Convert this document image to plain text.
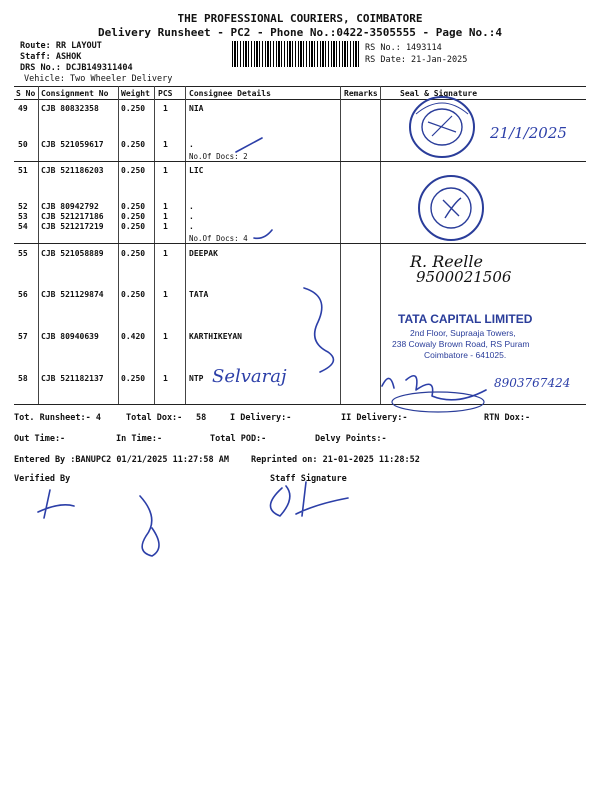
THE PROFESSIONAL COURIERS, COIMBATORE
Delivery Runsheet - PC2 - Phone No.:0422-3505555 - Page No.:4
Route: RR LAYOUT
Staff: ASHOK
DRS No.: DCJB149311404
Vehicle: Two Wheeler Delivery
RS No.: 1493114
RS Date: 21-Jan-2025
S No Consignment No Weight PCS Consignee Details	Remarks	Seal & Signature
49 CJB 80832358	0.250 1	NIA
50 CJB 521059617 0.250 1	.
No.Of Docs: 2
51 CJB 521186203 0.250 1	LIC
52 CJB 80942792	0.250 1	.
53 CJB 521217186 0.250 1	.
54 CJB 521217219 0.250 1	.
No.Of Docs: 4
55 CJB 521058889 0.250 1	DEEPAK
56 CJB 521129874 0.250 1	TATA
57 CJB 80940639	0.420 1	KARTHIKEYAN
58 CJB 521182137 0.250 1	NTP
21/1/2025
R. Reelle
9500021506
Selvaraj	8903767424
TATA CAPITAL LIMITED
2nd Floor, Supraaja Towers,
238 Cowaly Brown Road, RS Puram
Coimbatore - 641025.
Tot. Runsheet:- 4	Total Dox:- 58	I Delivery:-	II Delivery:-	RTN Dox:-
Out Time:-	In Time:-	Total POD:-	Delvy Points:-
Entered By :BANUPC2 01/21/2025 11:27:58 AM	Reprinted on: 21-01-2025 11:28:52
Verified By	Staff Signature
